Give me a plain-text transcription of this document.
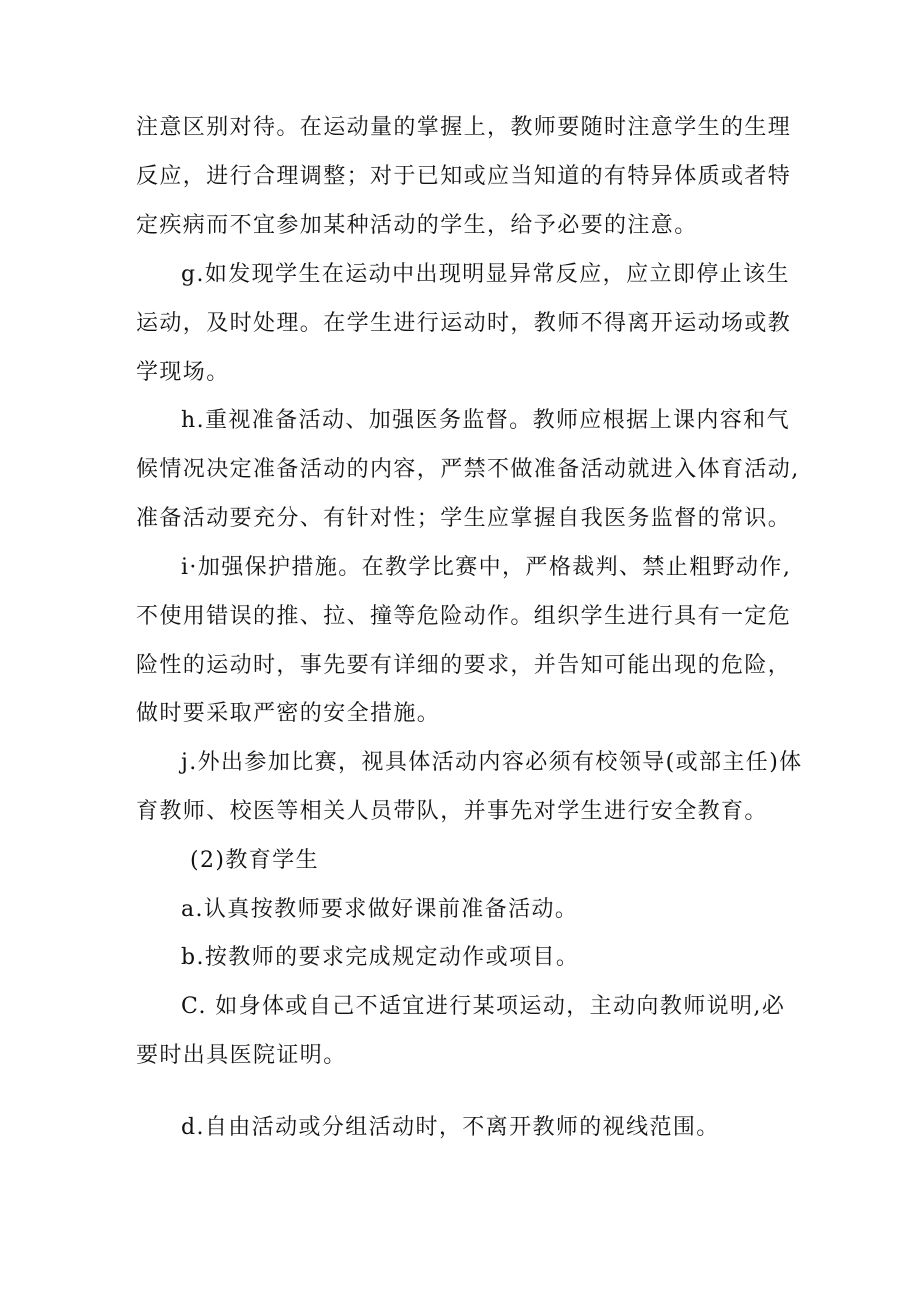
注意区别对待。在运动量的掌握上，教师要随时注意学生的生理
反应，进行合理调整；对于已知或应当知道的有特异体质或者特
定疾病而不宜参加某种活动的学生，给予必要的注意。
g.如发现学生在运动中出现明显异常反应，应立即停止该生
运动，及时处理。在学生进行运动时，教师不得离开运动场或教
学现场。
h.重视准备活动、加强医务监督。教师应根据上课内容和气
候情况决定准备活动的内容，严禁不做准备活动就进入体育活动,
准备活动要充分、有针对性；学生应掌握自我医务监督的常识。
i·加强保护措施。在教学比赛中，严格裁判、禁止粗野动作,
不使用错误的推、拉、撞等危险动作。组织学生进行具有一定危
险性的运动时，事先要有详细的要求，并告知可能出现的危险，
做时要采取严密的安全措施。
j.外出参加比赛，视具体活动内容必须有校领导(或部主任)体
育教师、校医等相关人员带队，并事先对学生进行安全教育。
(2)教育学生
a.认真按教师要求做好课前准备活动。
b.按教师的要求完成规定动作或项目。
C. 如身体或自己不适宜进行某项运动，主动向教师说明,必
要时出具医院证明。
d.自由活动或分组活动时，不离开教师的视线范围。
